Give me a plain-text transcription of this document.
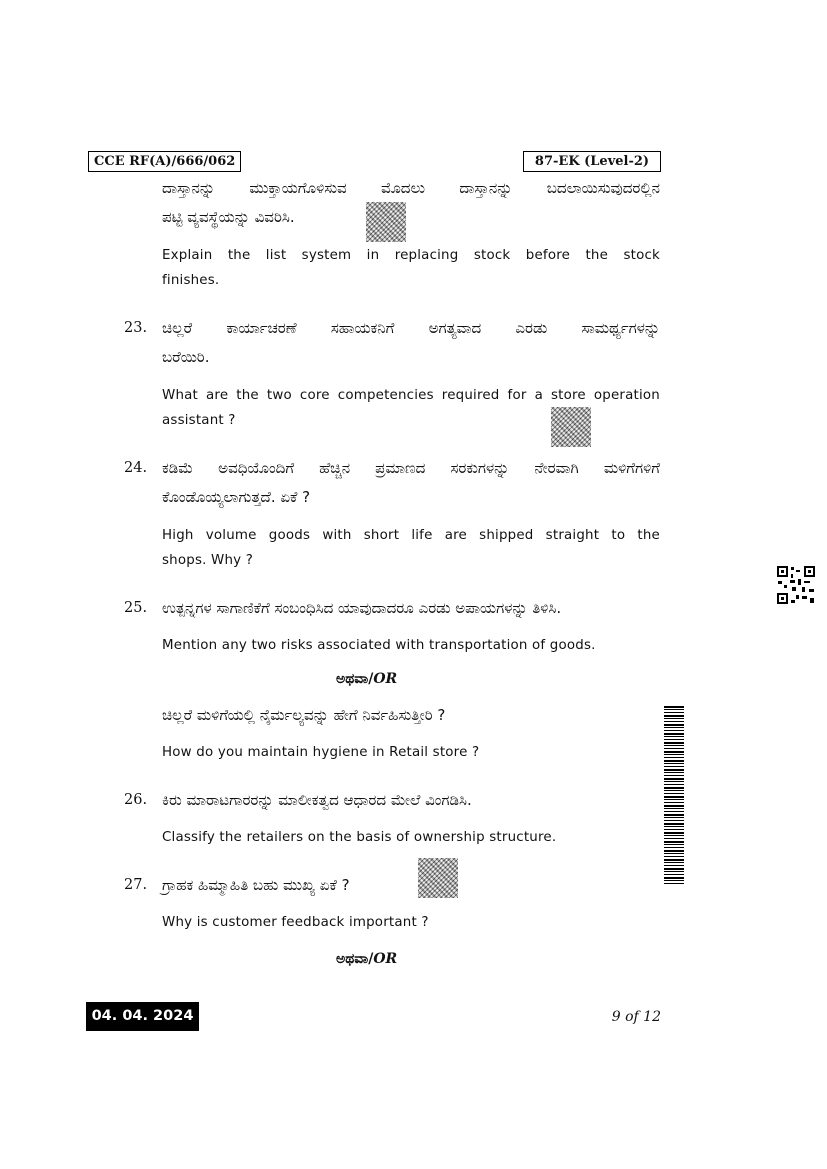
CCE RF(A)/666/062	87-EK (Level-2)
ದಾಸ್ತಾನನ್ನು ಮುಕ್ತಾಯಗೊಳಿಸುವ ಮೊದಲು ದಾಸ್ತಾನನ್ನು ಬದಲಾಯಿಸುವುದರಲ್ಲಿನ
ಪಟ್ಟಿ ವ್ಯವಸ್ಥೆಯನ್ನು ವಿವರಿಸಿ.
Explain the list system in replacing stock before the stock
finishes.
23. ಚಿಲ್ಲರೆ ಕಾರ್ಯಾಚರಣೆ ಸಹಾಯಕನಿಗೆ ಅಗತ್ಯವಾದ ಎರಡು ಸಾಮರ್ಥ್ಯಗಳನ್ನು
ಬರೆಯಿರಿ.
What are the two core competencies required for a store operation
assistant ?
24. ಕಡಿಮೆ ಅವಧಿಯೊಂದಿಗೆ ಹೆಚ್ಚಿನ ಪ್ರಮಾಣದ ಸರಕುಗಳನ್ನು ನೇರವಾಗಿ ಮಳಿಗೆಗಳಿಗೆ
ಕೊಂಡೊಯ್ಯಲಾಗುತ್ತದೆ. ಏಕೆ ?
High volume goods with short life are shipped straight to the
shops. Why ?
25. ಉತ್ಪನ್ನಗಳ ಸಾಗಾಣಿಕೆಗೆ ಸಂಬಂಧಿಸಿದ ಯಾವುದಾದರೂ ಎರಡು ಅಪಾಯಗಳನ್ನು ತಿಳಿಸಿ.
Mention any two risks associated with transportation of goods.
ಅಥವಾ/OR
ಚಿಲ್ಲರೆ ಮಳಿಗೆಯಲ್ಲಿ ನೈರ್ಮಲ್ಯವನ್ನು ಹೇಗೆ ನಿರ್ವಹಿಸುತ್ತೀರಿ ?
How do you maintain hygiene in Retail store ?
26. ಕಿರು ಮಾರಾಟಗಾರರನ್ನು ಮಾಲೀಕತ್ವದ ಆಧಾರದ ಮೇಲೆ ವಿಂಗಡಿಸಿ.
Classify the retailers on the basis of ownership structure.
27. ಗ್ರಾಹಕ ಹಿಮ್ಮಾಹಿತಿ ಬಹು ಮುಖ್ಯ ಏಕೆ ?
Why is customer feedback important ?
ಅಥವಾ/OR
04. 04. 2024	9 of 12
